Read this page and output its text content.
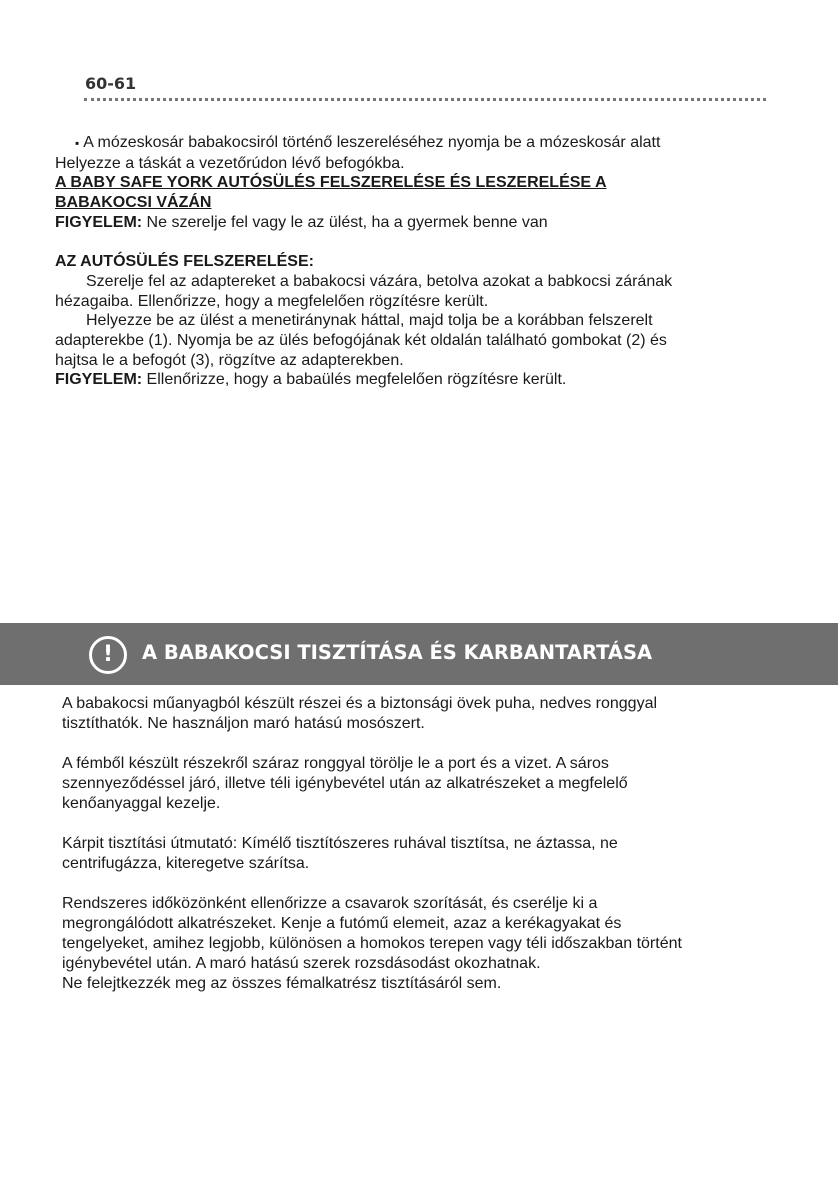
60-61

▪ A mózeskosár babakocsiról történő leszereléséhez nyomja be a mózeskosár alatt

Helyezze a táskát a vezetőrúdon lévő befogókba.

A BABY SAFE YORK AUTÓSÜLÉS FELSZERELÉSE ÉS LESZERELÉSE A

BABAKOCSI VÁZÁN

FIGYELEM: Ne szerelje fel vagy le az ülést, ha a gyermek benne van

AZ AUTÓSÜLÉS FELSZERELÉSE:

Szerelje fel az adaptereket a babakocsi vázára, betolva azokat a babkocsi zárának

hézagaiba. Ellenőrizze, hogy a megfelelően rögzítésre került.

Helyezze be az ülést a menetiránynak háttal, majd tolja be a korábban felszerelt

adapterekbe (1). Nyomja be az ülés befogójának két oldalán található gombokat (2) és

hajtsa le a befogót (3), rögzítve az adapterekben.

FIGYELEM: Ellenőrizze, hogy a babaülés megfelelően rögzítésre került.

!	A BABAKOCSI TISZTÍTÁSA ÉS KARBANTARTÁSA

A babakocsi műanyagból készült részei és a biztonsági övek puha, nedves ronggyal
tisztíthatók. Ne használjon maró hatású mosószert.

A fémből készült részekről száraz ronggyal törölje le a port és a vizet. A sáros
szennyeződéssel járó, illetve téli igénybevétel után az alkatrészeket a megfelelő
kenőanyaggal kezelje.

Kárpit tisztítási útmutató: Kímélő tisztítószeres ruhával tisztítsa, ne áztassa, ne
centrifugázza, kiteregetve szárítsa.

Rendszeres időközönként ellenőrizze a csavarok szorítását, és cserélje ki a
megrongálódott alkatrészeket. Kenje a futómű elemeit, azaz a kerékagyakat és
tengelyeket, amihez legjobb, különösen a homokos terepen vagy téli időszakban történt
igénybevétel után. A maró hatású szerek rozsdásodást okozhatnak.
Ne felejtkezzék meg az összes fémalkatrész tisztításáról sem.
